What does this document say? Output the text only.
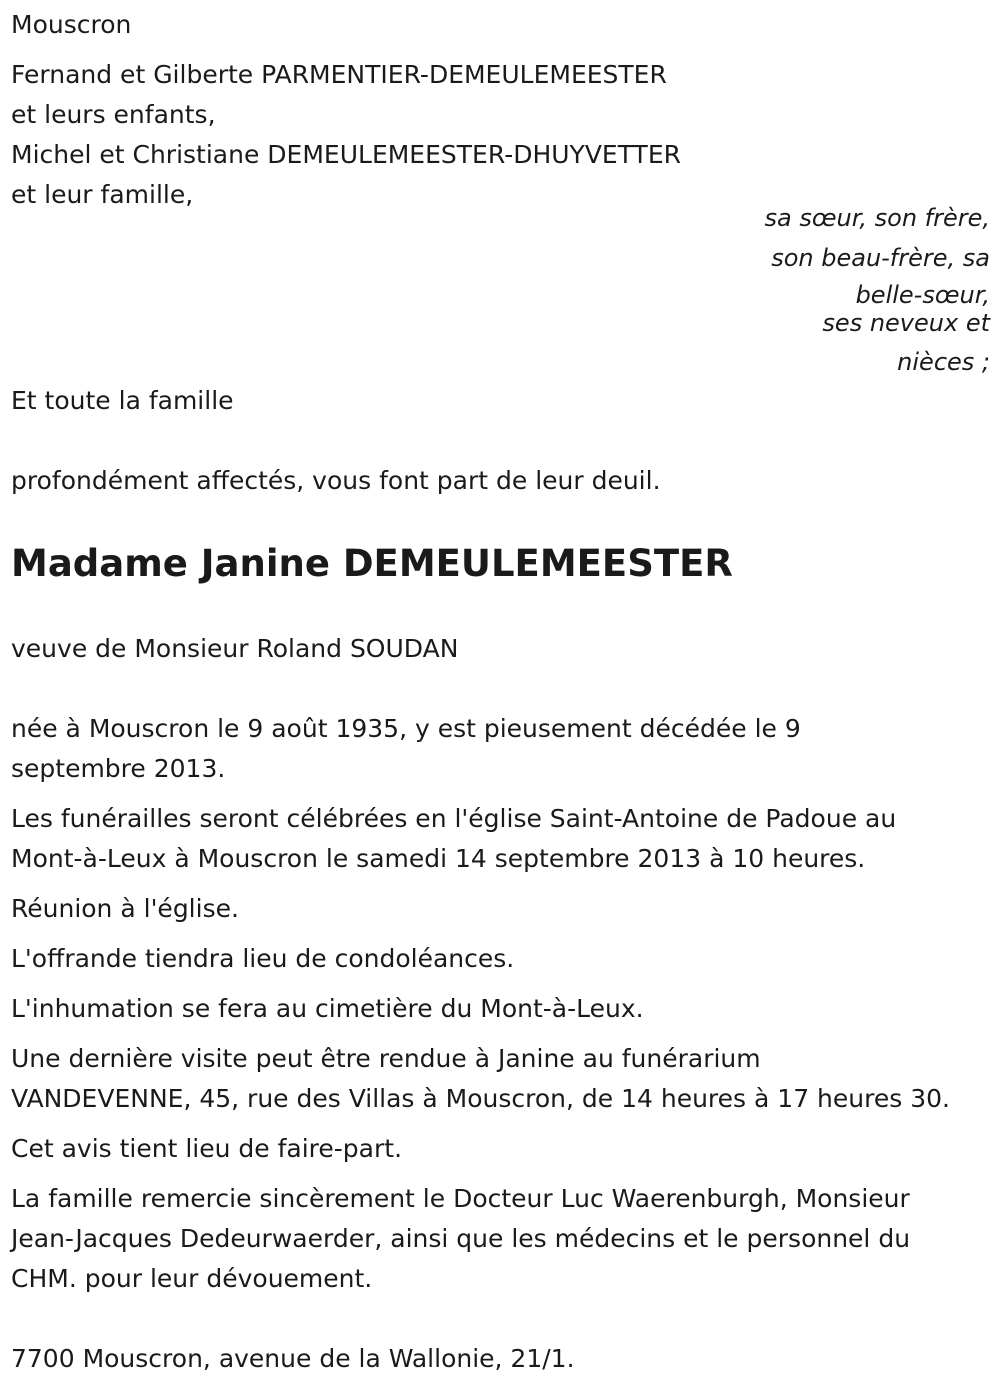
Mouscron
Fernand et Gilberte PARMENTIER-DEMEULEMEESTER
et leurs enfants,
Michel et Christiane DEMEULEMEESTER-DHUYVETTER
et leur famille,
sa sœur, son frère,
son beau-frère, sa
belle-sœur,
ses neveux et
nièces ;
Et toute la famille
profondément affectés, vous font part de leur deuil.
Madame Janine DEMEULEMEESTER
veuve de Monsieur Roland SOUDAN
née à Mouscron le 9 août 1935, y est pieusement décédée le 9
septembre 2013.
Les funérailles seront célébrées en l'église Saint-Antoine de Padoue au
Mont-à-Leux à Mouscron le samedi 14 septembre 2013 à 10 heures.
Réunion à l'église.
L'offrande tiendra lieu de condoléances.
L'inhumation se fera au cimetière du Mont-à-Leux.
Une dernière visite peut être rendue à Janine au funérarium
VANDEVENNE, 45, rue des Villas à Mouscron, de 14 heures à 17 heures 30.
Cet avis tient lieu de faire-part.
La famille remercie sincèrement le Docteur Luc Waerenburgh, Monsieur
Jean-Jacques Dedeurwaerder, ainsi que les médecins et le personnel du
CHM. pour leur dévouement.
7700 Mouscron, avenue de la Wallonie, 21/1.
